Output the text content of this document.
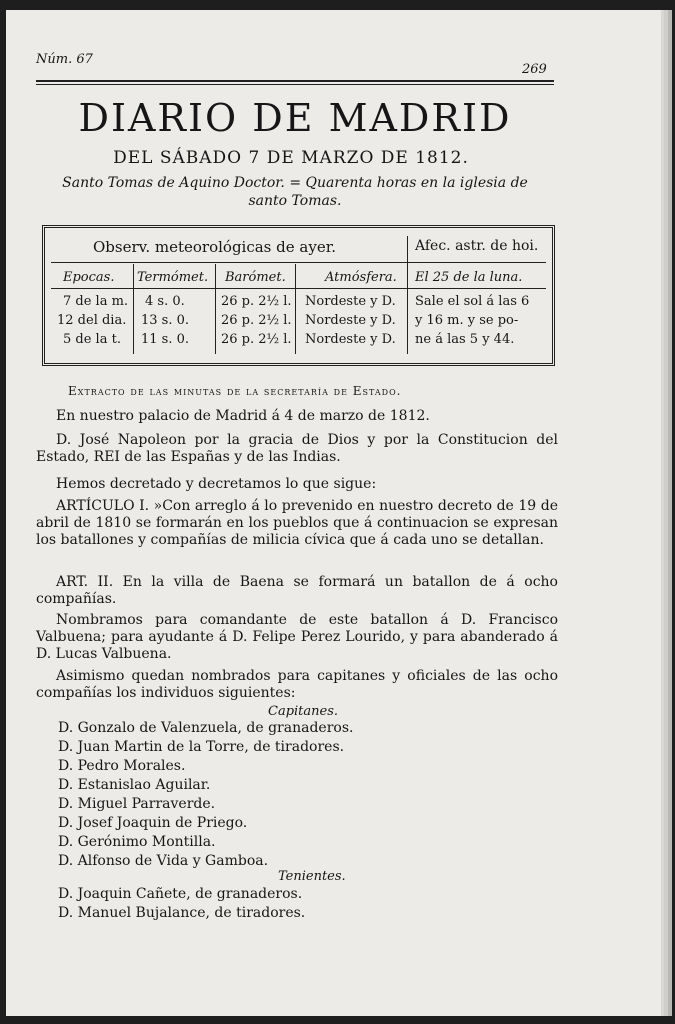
Núm. 67
269
DIARIO DE MADRID
DEL SÁBADO 7 DE MARZO DE 1812.
Santo Tomas de Aquino Doctor. = Quarenta horas en la iglesia de santo Tomas.
Observ. meteorológicas de ayer.	Afec. astr. de hoi.
Epocas. Termómet. Barómet.	Atmósfera. El 25 de la luna.
7 de la m.
12 del dia.
5 de la t.
4 s. 0.
13 s. 0.
11 s. 0.
26 p. 2½ l.
26 p. 2½ l.
26 p. 2½ l.
Nordeste y D.
Nordeste y D.
Nordeste y D.
Sale el sol á las 6
y 16 m. y se po-
ne á las 5 y 44.
Extracto de las minutas de la secretaría de Estado.
En nuestro palacio de Madrid á 4 de marzo de 1812.
D. José Napoleon por la gracia de Dios y por la Constitucion del Estado, REI de las Españas y de las Indias.
Hemos decretado y decretamos lo que sigue:
ARTÍCULO I. »Con arreglo á lo prevenido en nuestro decreto de 19 de abril de 1810 se formarán en los pueblos que á continuacion se expresan los batallones y compañías de milicia cívica que á cada uno se detallan.
ART. II. En la villa de Baena se formará un batallon de á ocho compañías.
Nombramos para comandante de este batallon á D. Francisco Valbuena; para ayudante á D. Felipe Perez Lourido, y para abanderado á D. Lucas Valbuena.
Asimismo quedan nombrados para capitanes y oficiales de las ocho compañías los individuos siguientes:
Capitanes.
D. Gonzalo de Valenzuela, de granaderos.
D. Juan Martin de la Torre, de tiradores.
D. Pedro Morales.
D. Estanislao Aguilar.
D. Miguel Parraverde.
D. Josef Joaquin de Priego.
D. Gerónimo Montilla.
D. Alfonso de Vida y Gamboa.
Tenientes.
D. Joaquin Cañete, de granaderos.
D. Manuel Bujalance, de tiradores.
